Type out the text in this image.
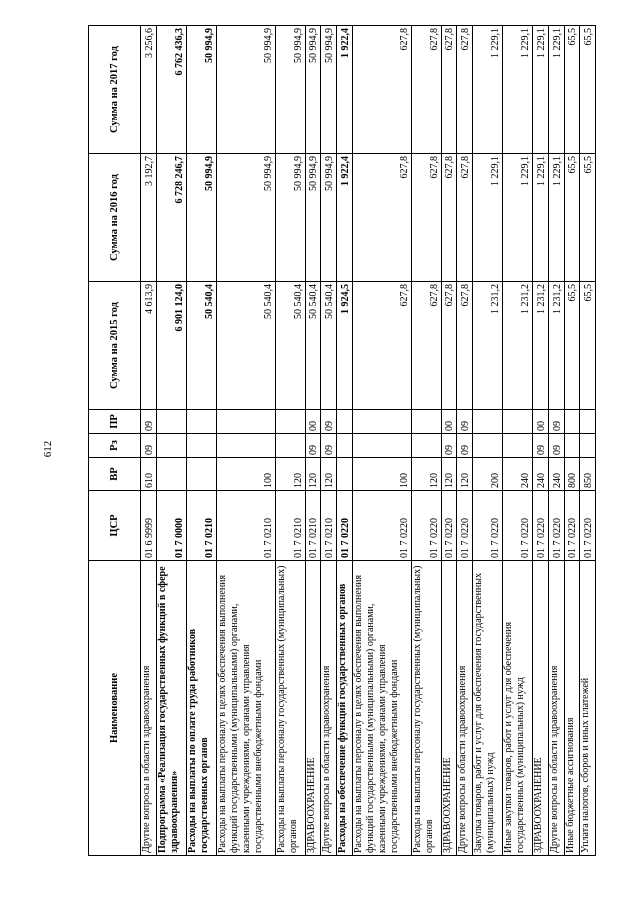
612
Наименование	ЦСР	ВР	Рз	ПР	Сумма на 2015 год	Сумма на 2016 год	Сумма на 2017 год
Другие вопросы в области здравоохранения	01 6 9999	610	09	09	4 613,9	3 192,7	3 256,6
Подпрограмма «Реализация государственных функций в сфере здравоохранения»	01 7 0000				6 901 124,0	6 728 246,7	6 762 436,3
Расходы на выплаты по оплате труда работников государственных органов	01 7 0210				50 540,4	50 994,9	50 994,9
Расходы на выплаты персоналу в целях обеспечения выполнения функций государственными (муниципальными) органами, казенными учреждениями, органами управления государственными внебюджетными фондами	01 7 0210	100			50 540,4	50 994,9	50 994,9
Расходы на выплаты персоналу государственных (муниципальных) органов	01 7 0210	120			50 540,4	50 994,9	50 994,9
ЗДРАВООХРАНЕНИЕ	01 7 0210	120	09	00	50 540,4	50 994,9	50 994,9
Другие вопросы в области здравоохранения	01 7 0210	120	09	09	50 540,4	50 994,9	50 994,9
Расходы на обеспечение функций государственных органов	01 7 0220				1 924,5	1 922,4	1 922,4
Расходы на выплаты персоналу в целях обеспечения выполнения функций государственными (муниципальными) органами, казенными учреждениями, органами управления государственными внебюджетными фондами	01 7 0220	100			627,8	627,8	627,8
Расходы на выплаты персоналу государственных (муниципальных) органов	01 7 0220	120			627,8	627,8	627,8
ЗДРАВООХРАНЕНИЕ	01 7 0220	120	09	00	627,8	627,8	627,8
Другие вопросы в области здравоохранения	01 7 0220	120	09	09	627,8	627,8	627,8
Закупка товаров, работ и услуг для обеспечения государственных (муниципальных) нужд	01 7 0220	200			1 231,2	1 229,1	1 229,1
Иные закупки товаров, работ и услуг для обеспечения государственных (муниципальных) нужд	01 7 0220	240			1 231,2	1 229,1	1 229,1
ЗДРАВООХРАНЕНИЕ	01 7 0220	240	09	00	1 231,2	1 229,1	1 229,1
Другие вопросы в области здравоохранения	01 7 0220	240	09	09	1 231,2	1 229,1	1 229,1
Иные бюджетные ассигнования	01 7 0220	800			65,5	65,5	65,5
Уплата налогов, сборов и иных платежей	01 7 0220	850			65,5	65,5	65,5
